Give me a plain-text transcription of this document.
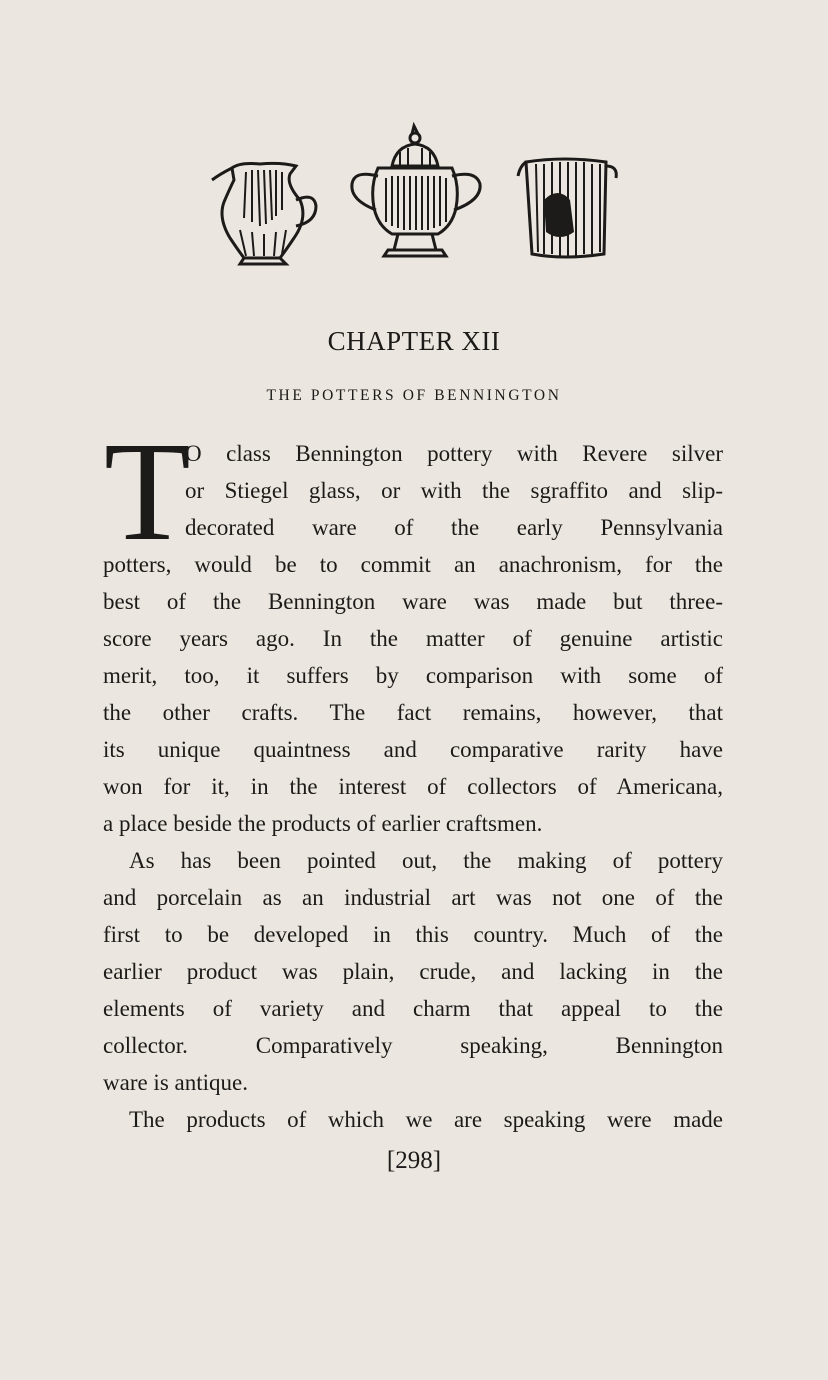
CHAPTER XII
THE POTTERS OF BENNINGTON
T
O class Bennington pottery with Revere silver
or Stiegel glass, or with the sgraffito and slip-
decorated ware of the early Pennsylvania
potters, would be to commit an anachronism, for the
best of the Bennington ware was made but three-
score years ago. In the matter of genuine artistic
merit, too, it suffers by comparison with some of
the other crafts. The fact remains, however, that
its unique quaintness and comparative rarity have
won for it, in the interest of collectors of Americana,
a place beside the products of earlier craftsmen.
As has been pointed out, the making of pottery
and porcelain as an industrial art was not one of the
first to be developed in this country. Much of the
earlier product was plain, crude, and lacking in the
elements of variety and charm that appeal to the
collector. Comparatively speaking, Bennington
ware is antique.
The products of which we are speaking were made
[298]
